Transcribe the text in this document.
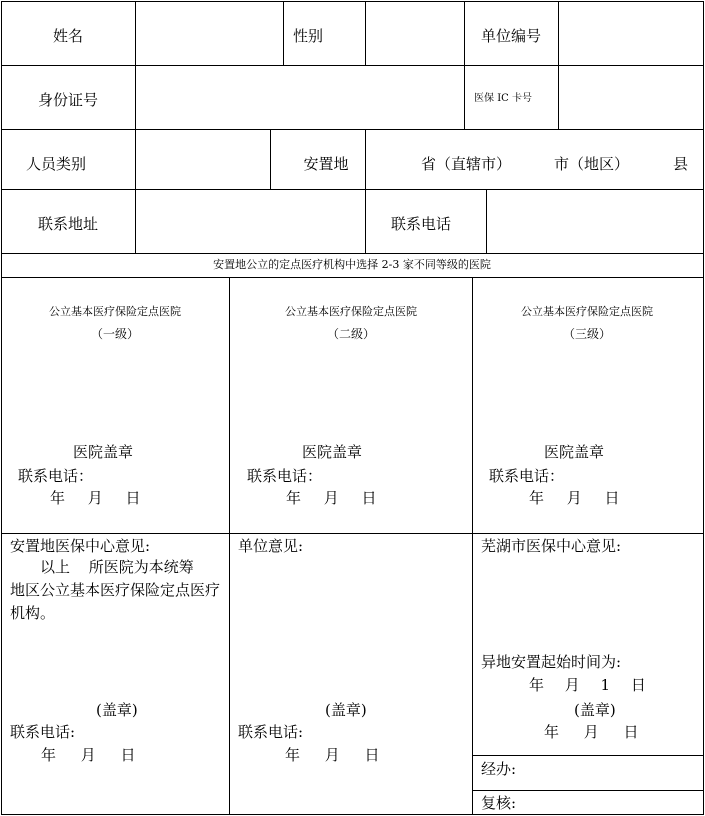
姓名	性别	单位编号
身份证号	医保 IC 卡号
人员类别	安置地	省（直辖市）	市（地区）	县
联系地址	联系电话
安置地公立的定点医疗机构中选择 2-3 家不同等级的医院
公立基本医疗保险定点医院
（一级）
医院盖章
联系电话：
年 月 日
公立基本医疗保险定点医院
（二级）
医院盖章
联系电话：
年 月 日
公立基本医疗保险定点医院
（三级）
医院盖章
联系电话：
年 月 日
安置地医保中心意见:
以上 所医院为本统筹
地区公立基本医疗保险定点医疗机构。
(盖章)
联系电话:
年 月 日
单位意见:
(盖章)
联系电话:
年 月 日
芜湖市医保中心意见:
异地安置起始时间为:
年 月 1 日
(盖章)
年 月 日
经办:
复核:
